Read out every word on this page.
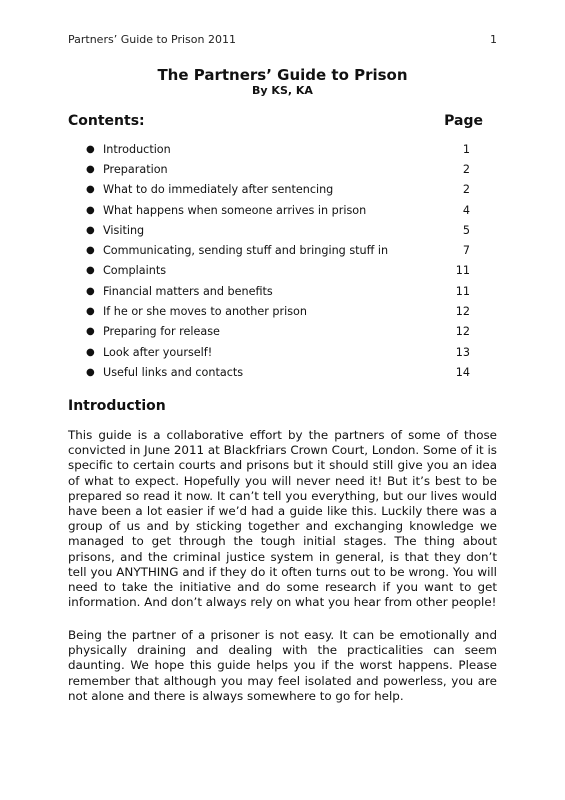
Partners’ Guide to Prison 2011	1
The Partners’ Guide to Prison
By KS, KA
Contents:	Page
● Introduction	1
● Preparation	2
● What to do immediately after sentencing	2
● What happens when someone arrives in prison	4
● Visiting	5
● Communicating, sending stuff and bringing stuff in	7
● Complaints	11
● Financial matters and benefits	11
● If he or she moves to another prison	12
● Preparing for release	12
● Look after yourself!	13
● Useful links and contacts	14
Introduction

This guide is a collaborative effort by the partners of some of those convicted in June 2011 at Blackfriars Crown Court, London. Some of it is specific to certain courts and prisons but it should still give you an idea of what to expect. Hopefully you will never need it! But it’s best to be prepared so read it now. It can’t tell you everything, but our lives would have been a lot easier if we’d had a guide like this. Luckily there was a group of us and by sticking together and exchanging knowledge we managed to get through the tough initial stages. The thing about prisons, and the criminal justice system in general, is that they don’t tell you ANYTHING and if they do it often turns out to be wrong. You will need to take the initiative and do some research if you want to get information. And don’t always rely on what you hear from other people!

Being the partner of a prisoner is not easy. It can be emotionally and physically draining and dealing with the practicalities can seem daunting. We hope this guide helps you if the worst happens. Please remember that although you may feel isolated and powerless, you are not alone and there is always somewhere to go for help.
